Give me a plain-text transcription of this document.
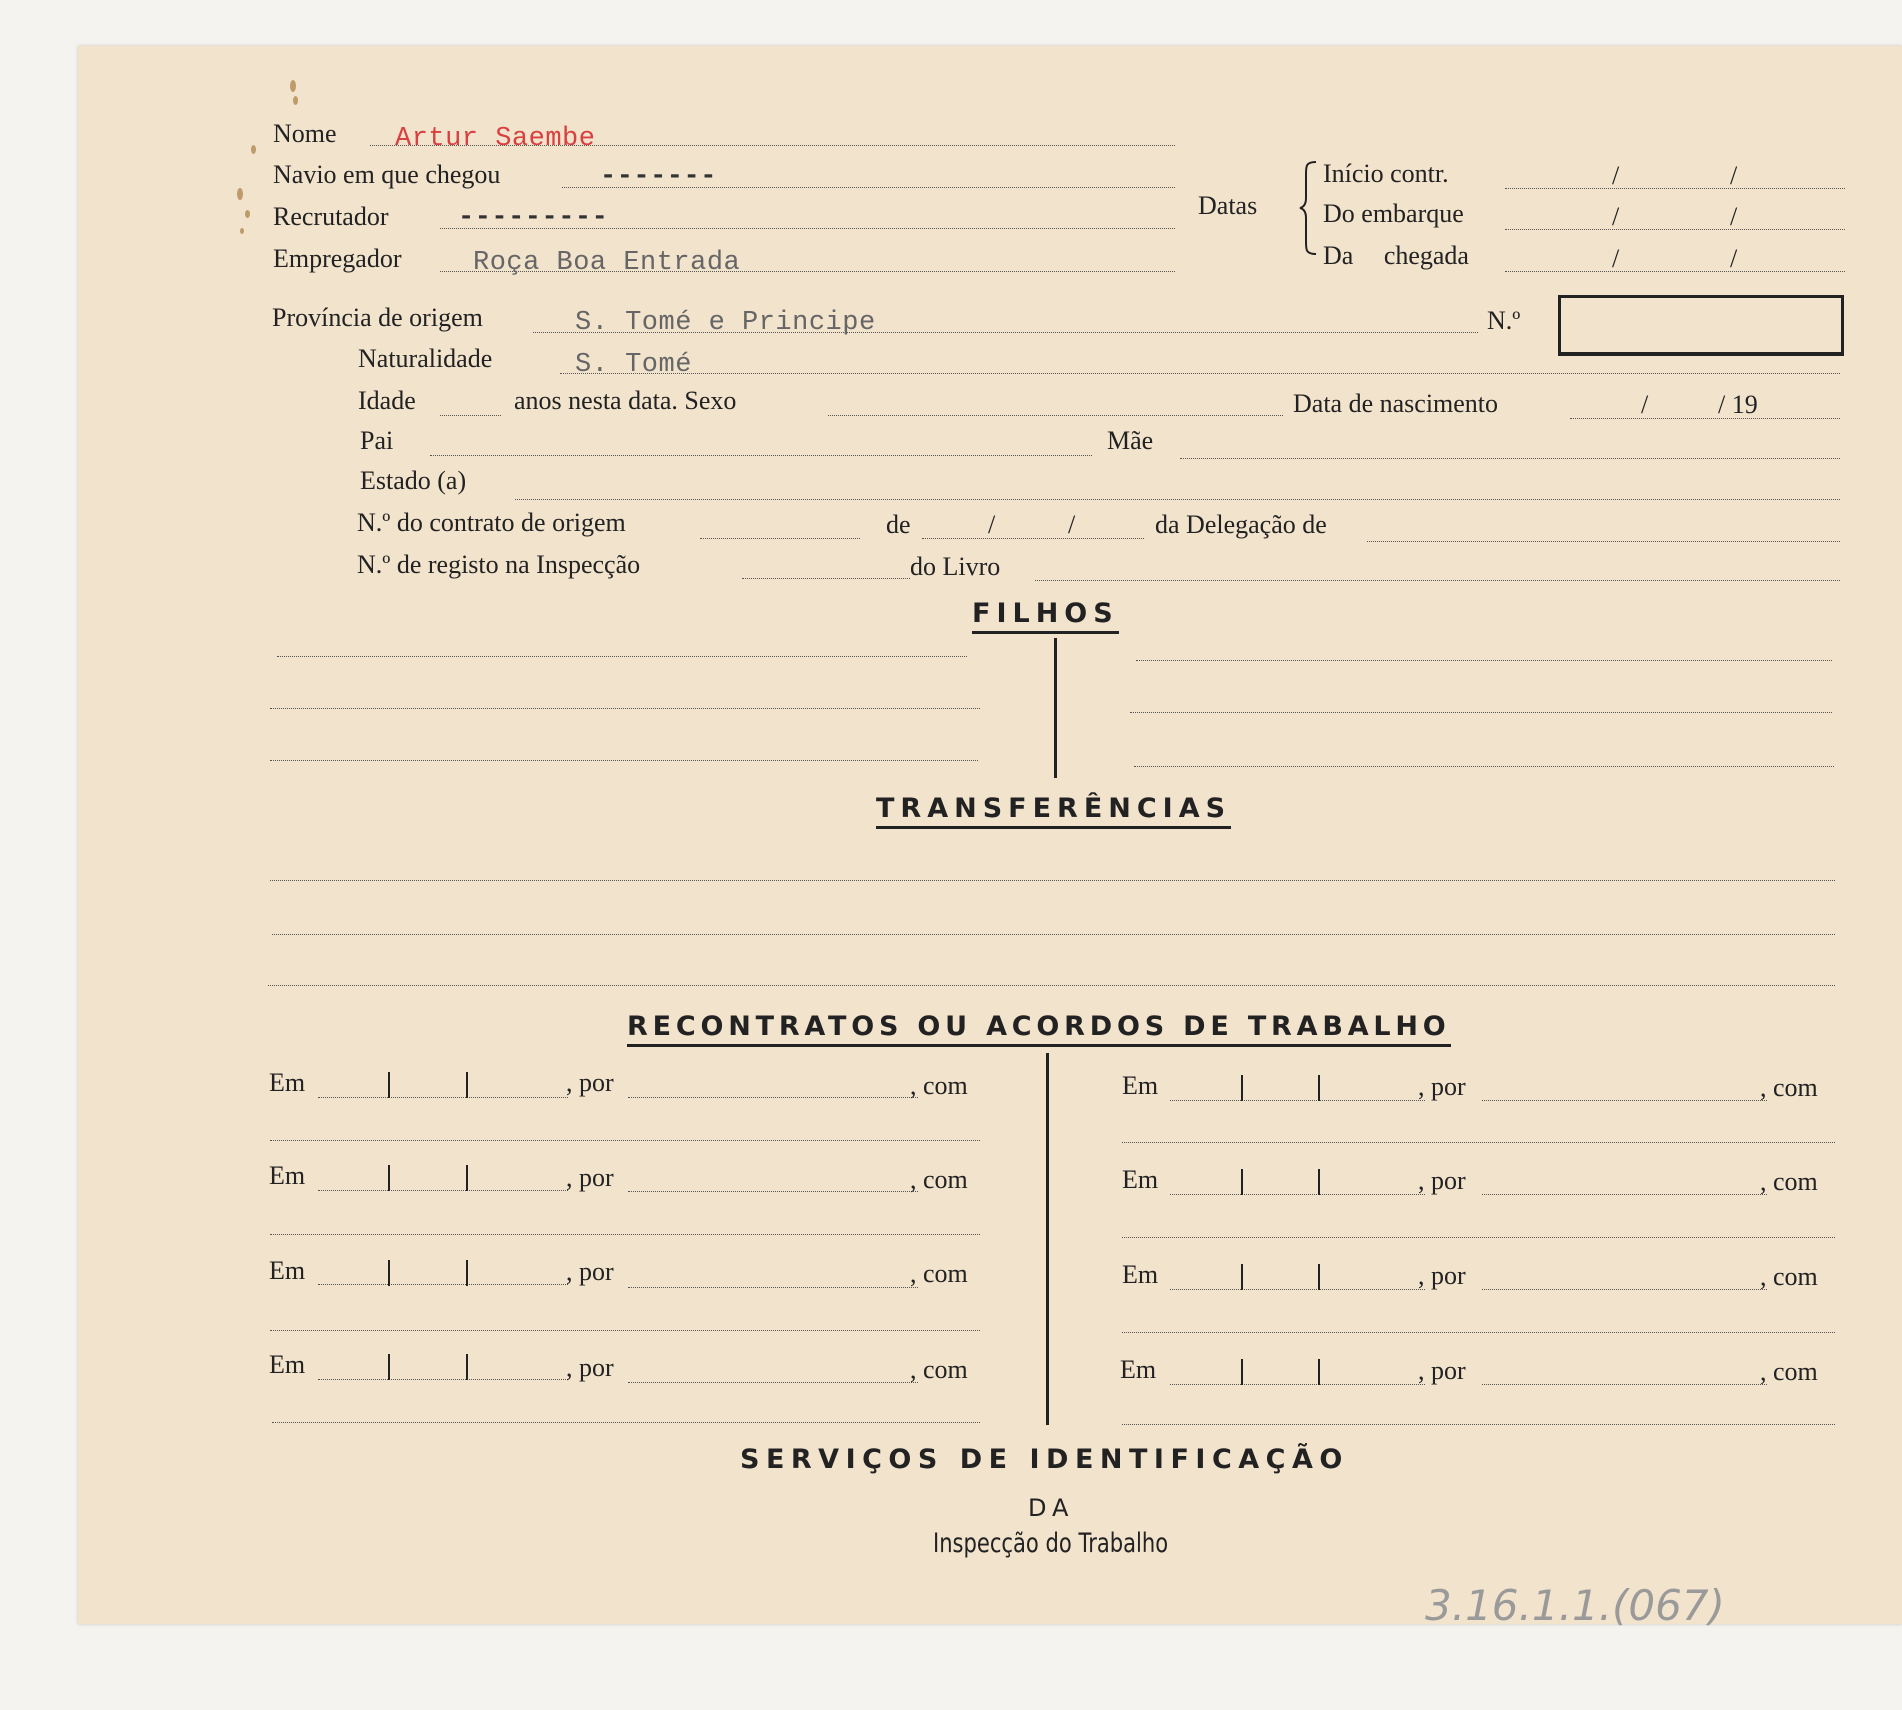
Nome Artur Saembe
Navio em que chegou	-------
Recrutador	---------
Empregador	Roça Boa Entrada
Datas
Início contr.	/	/
Do embarque	/	/
Da chegada	/	/
Província de origem	S. Tomé e Principe	N.º
Naturalidade	S. Tomé
Idade	anos nesta data. Sexo	Data de nascimento	/	/ 19
Pai	Mãe
Estado (a)
N.º do contrato de origem	de	/	/	da Delegação de
N.º de registo na Inspecção	do Livro
FILHOS
TRANSFERÊNCIAS
RECONTRATOS OU ACORDOS DE TRABALHO
Em	, por	, com
Em	, por	, com
Em	, por	, com
Em	, por	, com
Em	, por	, com
Em	, por	, com
Em	, por	, com
Em	, por	, com
SERVIÇOS DE IDENTIFICAÇÃO
DA
Inspecção do Trabalho
3.16.1.1.(067)
